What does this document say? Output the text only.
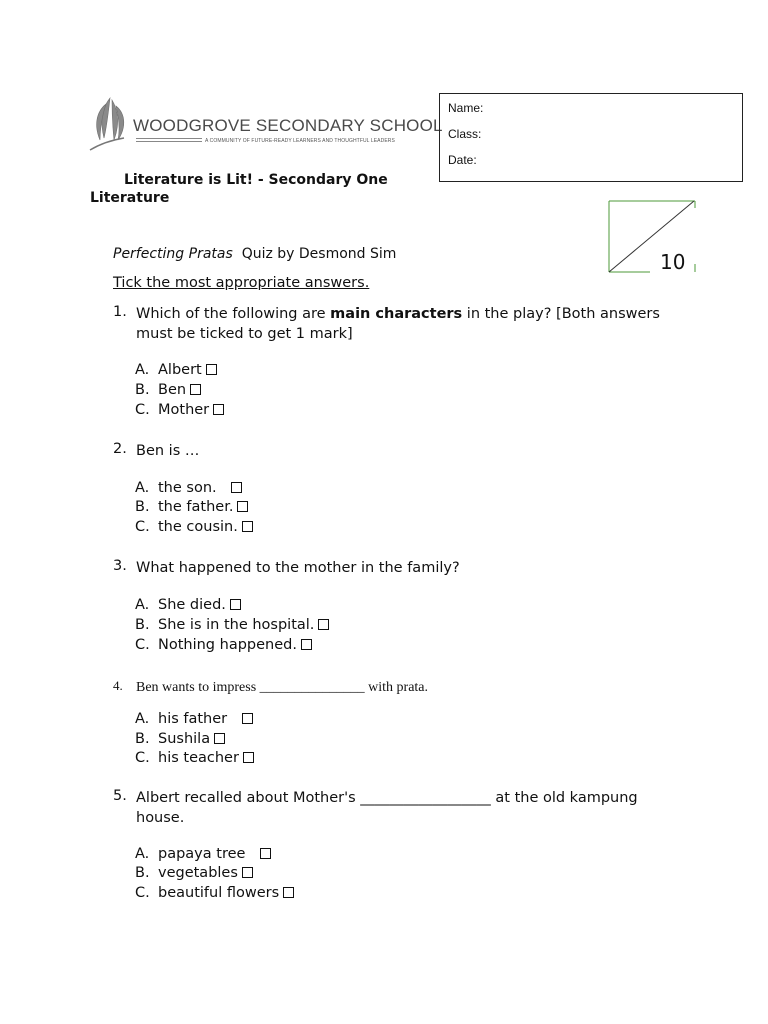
WOODGROVE SECONDARY SCHOOL
A COMMUNITY OF FUTURE-READY LEARNERS AND THOUGHTFUL LEADERS
Name:
Class:
Date:
Literature is Lit! - Secondary One
Literature
10
Perfecting Pratas Quiz by Desmond Sim
Tick the most appropriate answers.
1. Which of the following are main characters in the play? [Both answers must be ticked to get 1 mark]
A. Albert
B. Ben
C. Mother
2. Ben is …
A. the son.
B. the father.
C. the cousin.
3. What happened to the mother in the family?
A. She died.
B. She is in the hospital.
C. Nothing happened.
4. Ben wants to impress _______________ with prata.
A. his father
B. Sushila
C. his teacher
5. Albert recalled about Mother's __________________ at the old kampung house.
A. papaya tree
B. vegetables
C. beautiful flowers
